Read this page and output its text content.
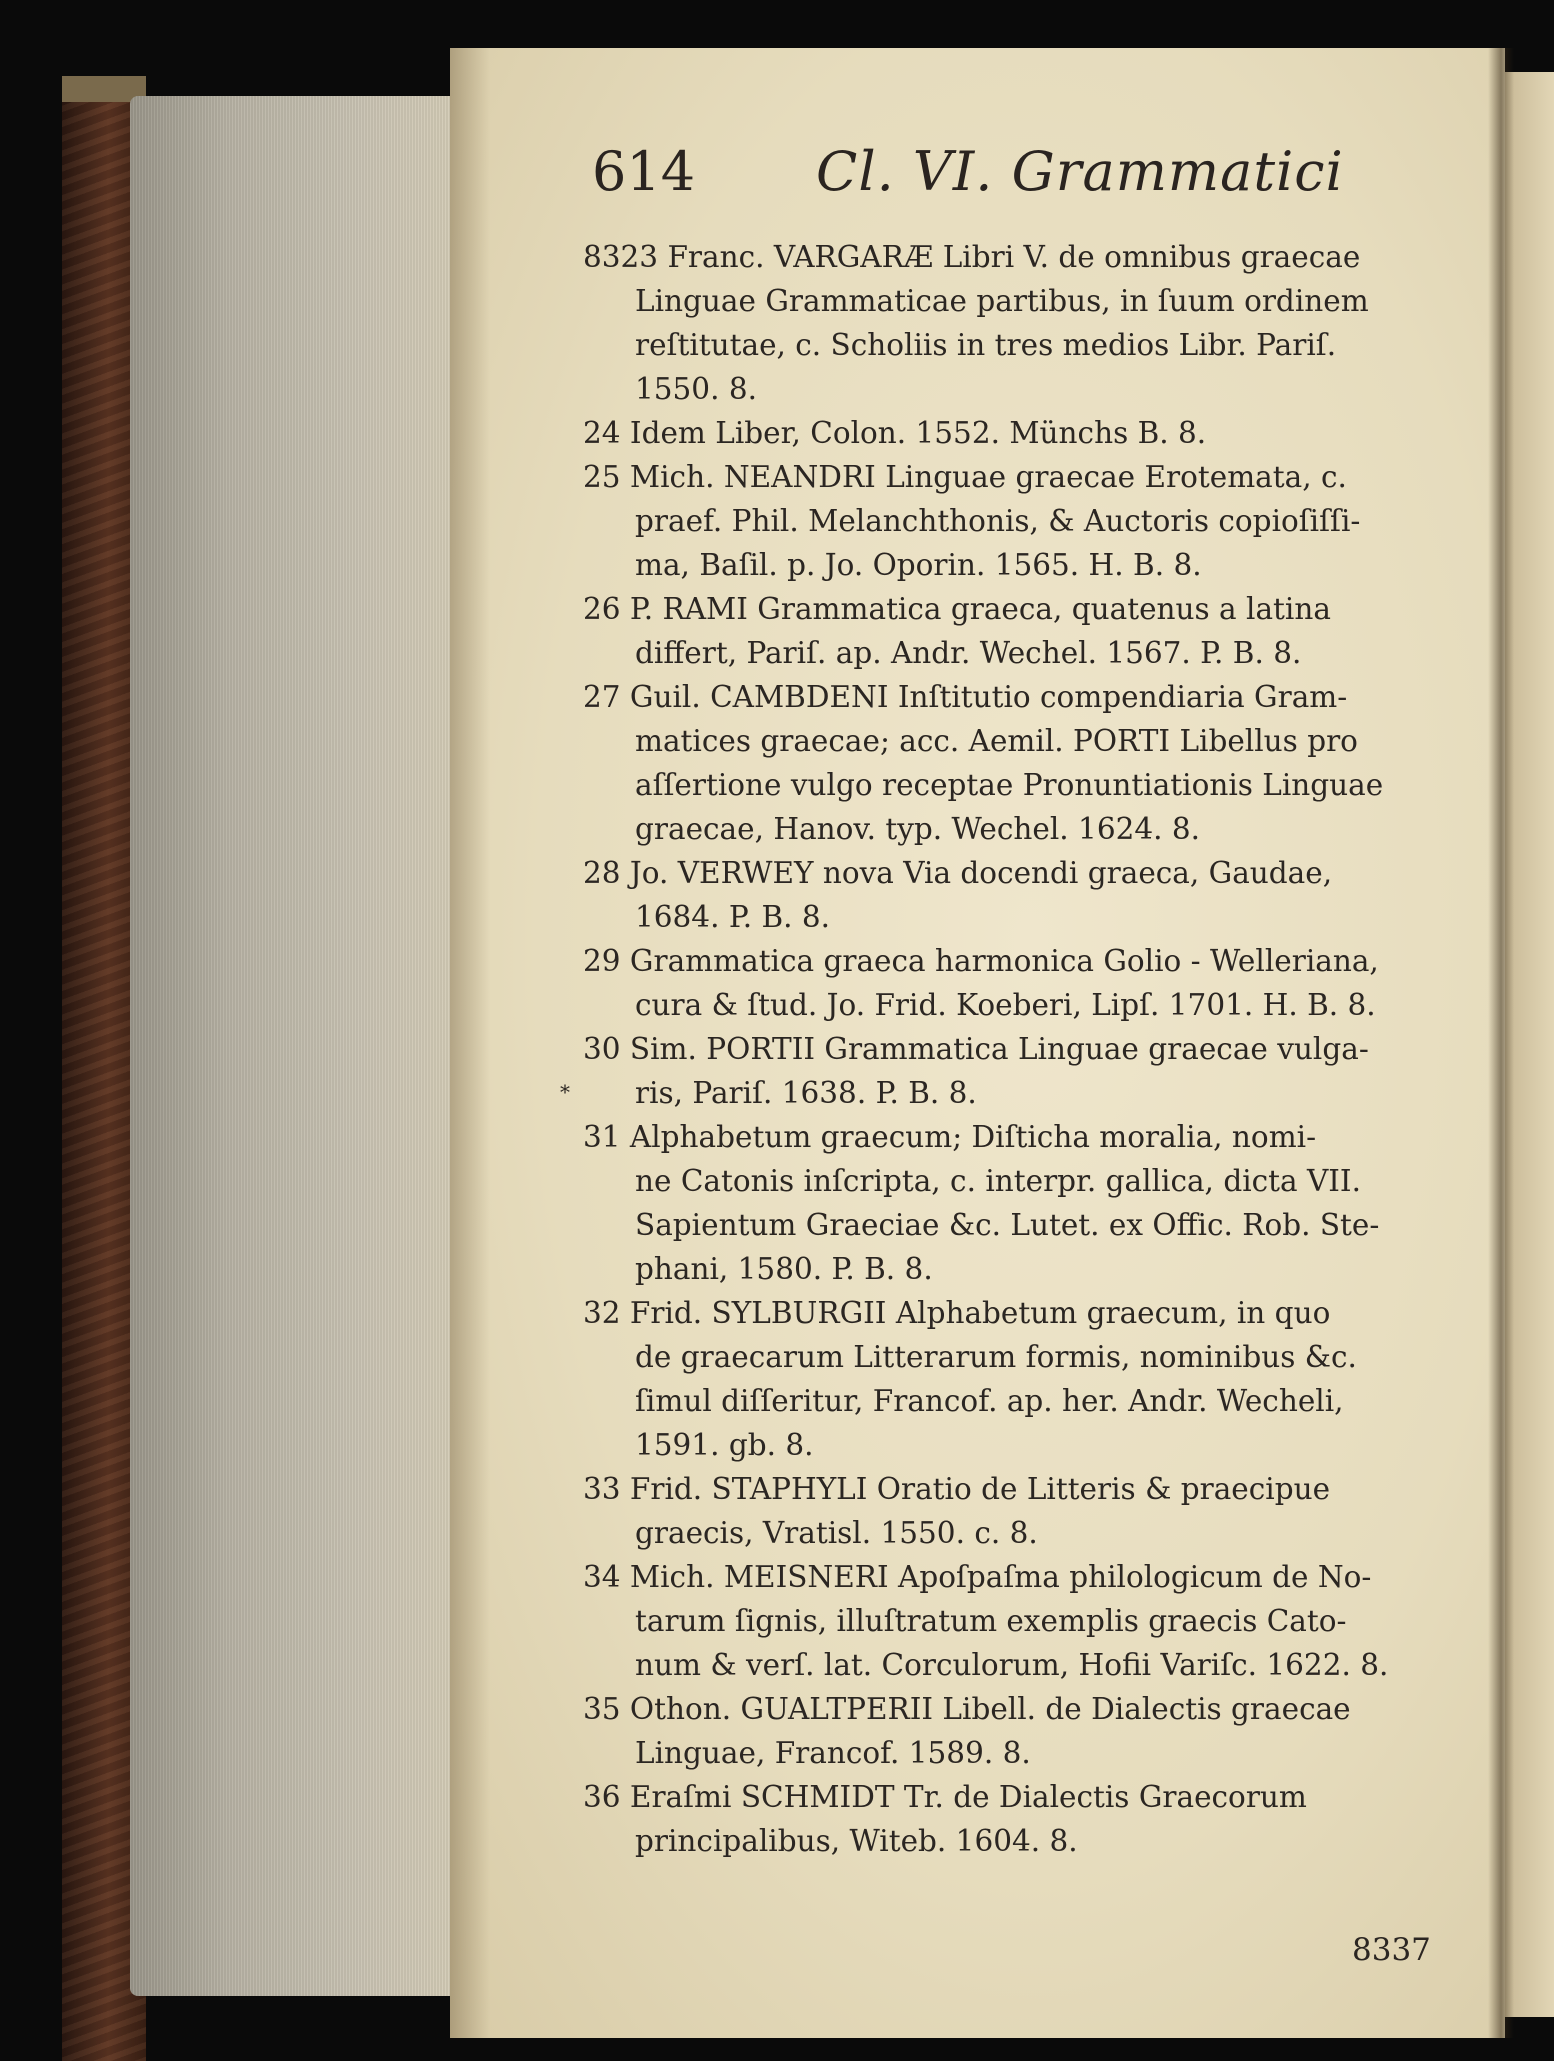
614 Cl. VI. Grammatici
8323 Franc. VARGARÆ Libri V. de omnibus graecae
Linguae Grammaticae partibus, in ſuum ordinem
reſtitutae, c. Scholiis in tres medios Libr. Pariſ.
1550. 8.
24 Idem Liber, Colon. 1552. Münchs B. 8.
25 Mich. NEANDRI Linguae graecae Erotemata, c.
praef. Phil. Melanchthonis, & Auctoris copioſiſſi-
ma, Baſil. p. Jo. Oporin. 1565. H. B. 8.
26 P. RAMI Grammatica graeca, quatenus a latina
differt, Pariſ. ap. Andr. Wechel. 1567. P. B. 8.
27 Guil. CAMBDENI Inſtitutio compendiaria Gram-
matices graecae; acc. Aemil. PORTI Libellus pro
aſſertione vulgo receptae Pronuntiationis Linguae
graecae, Hanov. typ. Wechel. 1624. 8.
28 Jo. VERWEY nova Via docendi graeca, Gaudae,
1684. P. B. 8.
29 Grammatica graeca harmonica Golio - Welleriana,
cura & ſtud. Jo. Frid. Koeberi, Lipſ. 1701. H. B. 8.
30 Sim. PORTII Grammatica Linguae graecae vulga-
ris, Pariſ. 1638. P. B. 8.
31 Alphabetum graecum; Diſticha moralia, nomi-
ne Catonis inſcripta, c. interpr. gallica, dicta VII.
Sapientum Graeciae &c. Lutet. ex Offic. Rob. Ste-
phani, 1580. P. B. 8.
32 Frid. SYLBURGII Alphabetum graecum, in quo
de graecarum Litterarum formis, nominibus &c.
ſimul diſſeritur, Francof. ap. her. Andr. Wecheli,
1591. gb. 8.
33 Frid. STAPHYLI Oratio de Litteris & praecipue
graecis, Vratisl. 1550. c. 8.
34 Mich. MEISNERI Apoſpaſma philologicum de No-
tarum ſignis, illuſtratum exemplis graecis Cato-
num & verſ. lat. Corculorum, Hofii Variſc. 1622. 8.
35 Othon. GUALTPERII Libell. de Dialectis graecae
Linguae, Francof. 1589. 8.
36 Eraſmi SCHMIDT Tr. de Dialectis Graecorum
principalibus, Witeb. 1604. 8.
*
8337
